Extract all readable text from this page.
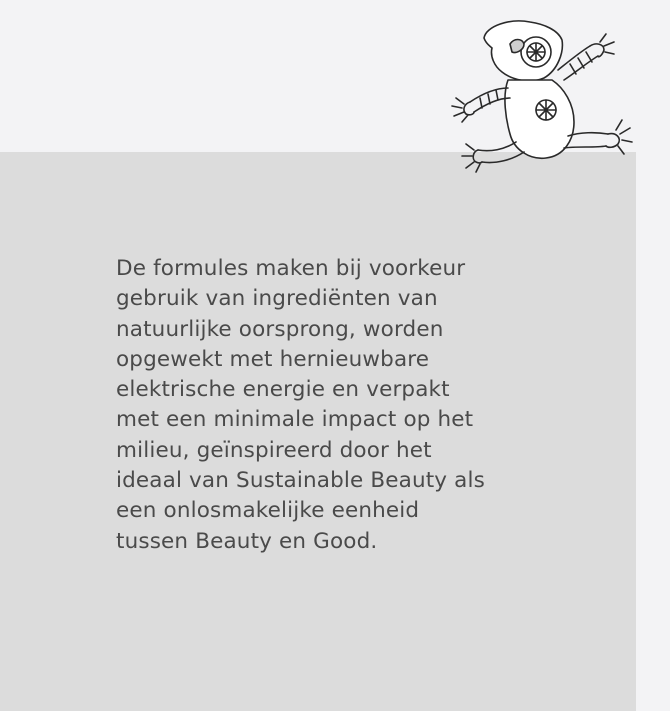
De formules maken bij voorkeur
gebruik van ingrediënten van
natuurlijke oorsprong, worden
opgewekt met hernieuwbare
elektrische energie en verpakt
met een minimale impact op het
milieu, geïnspireerd door het
ideaal van Sustainable Beauty als
een onlosmakelijke eenheid
tussen Beauty en Good.
